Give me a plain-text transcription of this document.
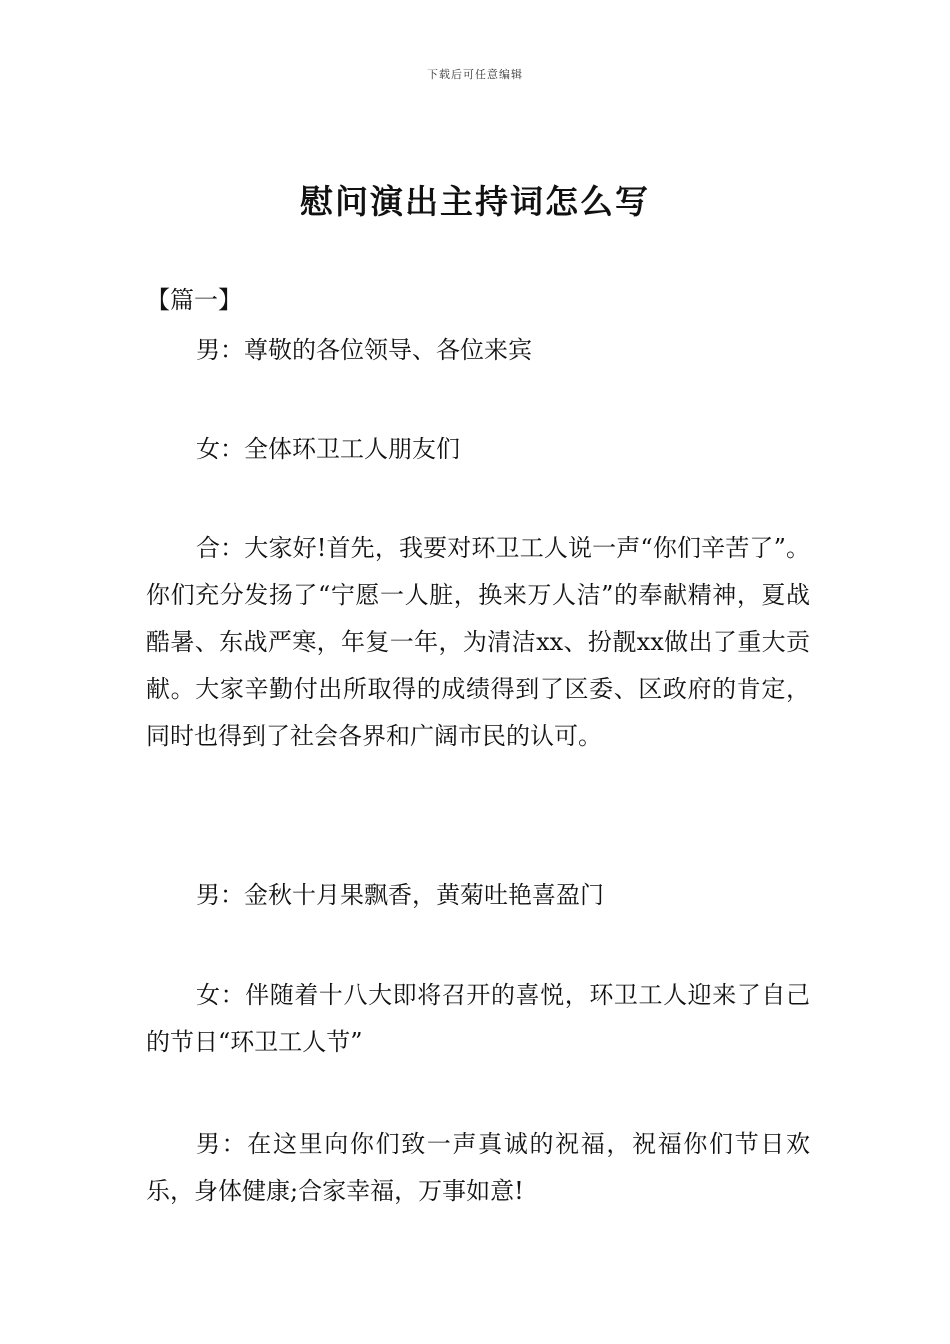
下载后可任意编辑
慰问演出主持词怎么写
【篇一】
男：尊敬的各位领导、各位来宾
女：全体环卫工人朋友们
合：大家好!首先，我要对环卫工人说一声“你们辛苦了”。你们充分发扬了“宁愿一人脏，换来万人洁”的奉献精神，夏战酷暑、东战严寒，年复一年，为清洁xx、扮靓xx做出了重大贡献。大家辛勤付出所取得的成绩得到了区委、区政府的肯定，同时也得到了社会各界和广阔市民的认可。
男：金秋十月果飘香，黄菊吐艳喜盈门
女：伴随着十八大即将召开的喜悦，环卫工人迎来了自己的节日“环卫工人节”
男：在这里向你们致一声真诚的祝福，祝福你们节日欢乐，身体健康;合家幸福，万事如意!
